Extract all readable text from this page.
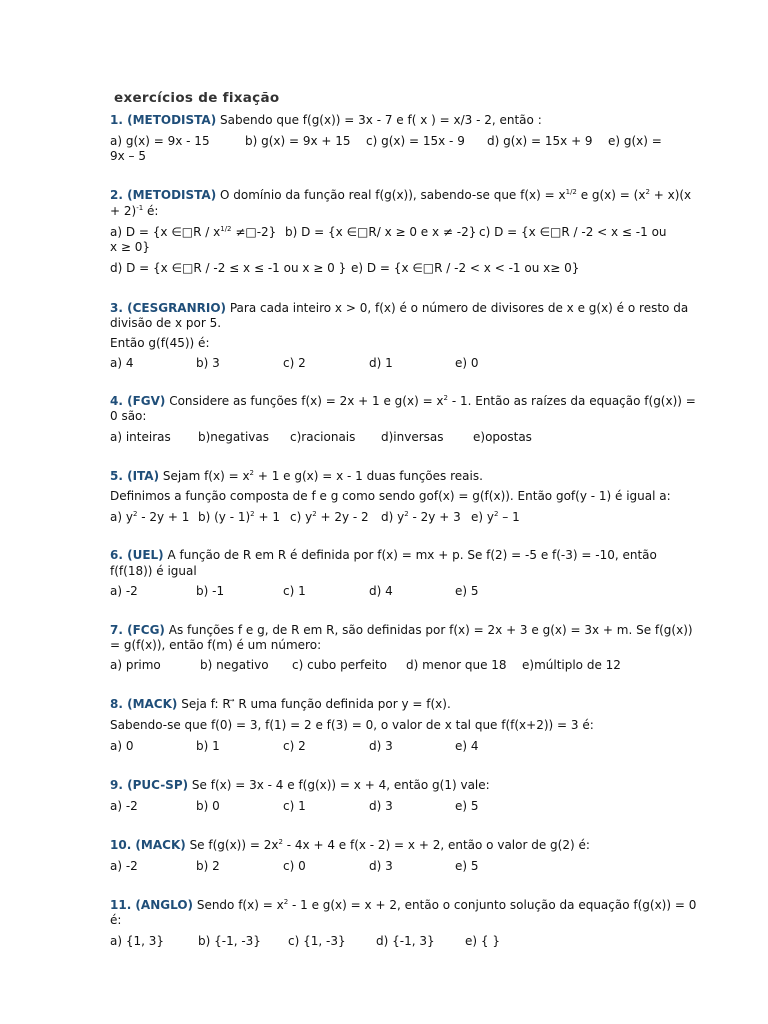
exercícios de fixação
1. (METODISTA) Sabendo que f(g(x)) = 3x - 7 e f( x ) = x/3 - 2, então :
a) g(x) = 9x - 15	b) g(x) = 9x + 15 c) g(x) = 15x - 9 d) g(x) = 15x + 9 e) g(x) =
9x – 5
2. (METODISTA) O domínio da função real f(g(x)), sabendo-se que $f(x) = x^{1/2}$ e $g(x) = (x^2 + x)(x$
+ 2)$^{-1}$ é:
a) D = {x ∈□R / $x^{1/2}$ ≠□-2} b) D = {x ∈□R/ x ≥ 0 e x ≠ -2} c) D = {x ∈□R / -2 < x ≤ -1 ou
x ≥ 0}
d) D = {x ∈□R / -2 ≤ x ≤ -1 ou x ≥ 0 } e) D = {x ∈□R / -2 < x < -1 ou x≥ 0}
3. (CESGRANRIO) Para cada inteiro x > 0, f(x) é o número de divisores de x e g(x) é o resto da
divisão de x por 5.
Então g(f(45)) é:
a) 4	b) 3	c) 2	d) 1	e) 0
4. (FGV) Considere as funções f(x) = 2x + 1 e $g(x) = x^2 - 1$. Então as raízes da equação f(g(x)) =
0 são:
a) inteiras b)negativas c)racionais d)inversas e)opostas
5. (ITA) Sejam $f(x) = x^2 + 1$ e g(x) = x - 1 duas funções reais.
Definimos a função composta de f e g como sendo gof(x) = g(f(x)). Então gof(y - 1) é igual a:
a) $y^2 - 2y + 1$ b) (y - 1)$^2$ + 1 c) $y^2 + 2y - 2$ d) $y^2 - 2y + 3$ e) $y^2 - 1$
6. (UEL) A função de R em R é definida por f(x) = mx + p. Se f(2) = -5 e f(-3) = -10, então
f(f(18)) é igual
a) -2	b) -1	c) 1	d) 4	e) 5
7. (FCG) As funções f e g, de R em R, são definidas por f(x) = 2x + 3 e g(x) = 3x + m. Se f(g(x))
= g(f(x)), então f(m) é um número:
a) primo	b) negativo c) cubo perfeito d) menor que 18 e)múltiplo de 12
8. (MACK) Seja f: R ⃗ R uma função definida por y = f(x).
Sabendo-se que f(0) = 3, f(1) = 2 e f(3) = 0, o valor de x tal que f(f(x+2)) = 3 é:
a) 0	b) 1	c) 2	d) 3	e) 4
9. (PUC-SP) Se f(x) = 3x - 4 e f(g(x)) = x + 4, então g(1) vale:
a) -2	b) 0	c) 1	d) 3	e) 5
10. (MACK) Se $f(g(x)) = 2x^2 - 4x + 4$ e f(x - 2) = x + 2, então o valor de g(2) é:
a) -2	b) 2	c) 0	d) 3	e) 5
11. (ANGLO) Sendo $f(x) = x^2 - 1$ e g(x) = x + 2, então o conjunto solução da equação f(g(x)) = 0
é:
a) {1, 3}	b) {-1, -3} c) {1, -3}	d) {-1, 3}	e) { }
